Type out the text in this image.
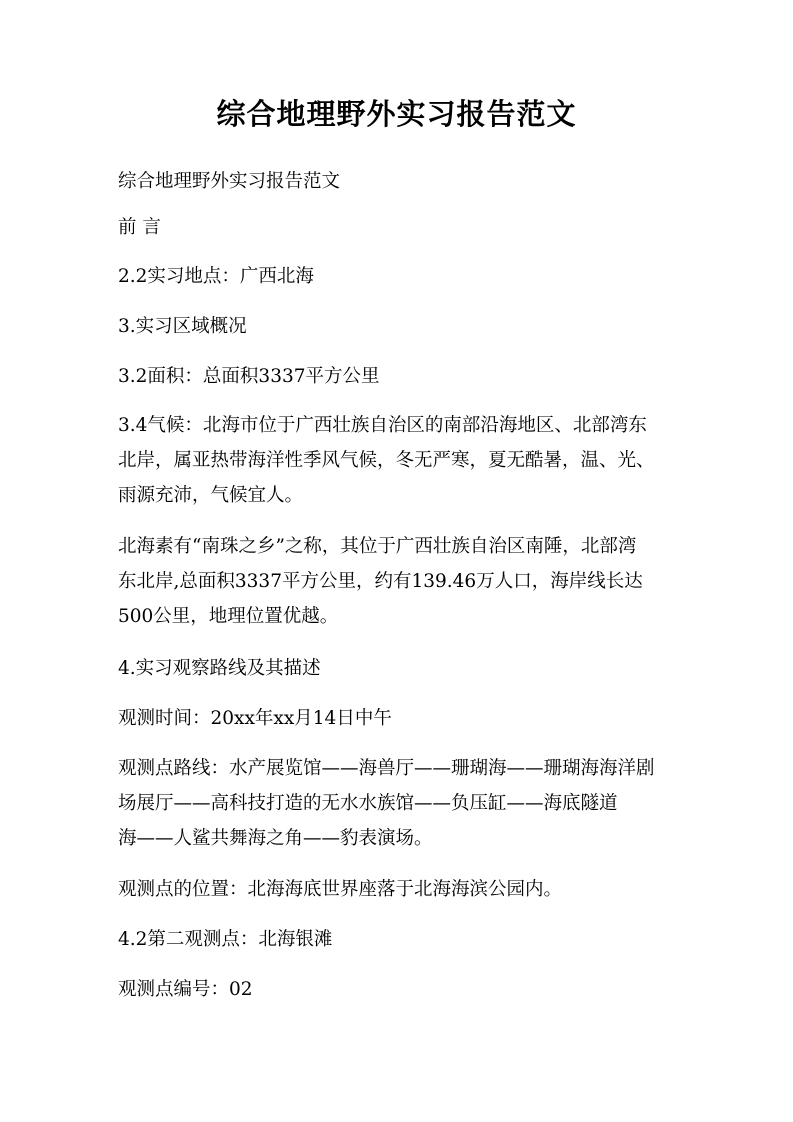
综合地理野外实习报告范文

综合地理野外实习报告范文

前 言

2.2实习地点：广西北海

3.实习区域概况

3.2面积：总面积3337平方公里

3.4气候：北海市位于广西壮族自治区的南部沿海地区、北部湾东
北岸，属亚热带海洋性季风气候，冬无严寒，夏无酷暑，温、光、
雨源充沛，气候宜人。

北海素有“南珠之乡”之称，其位于广西壮族自治区南陲，北部湾
东北岸,总面积3337平方公里，约有139.46万人口，海岸线长达
500公里，地理位置优越。

4.实习观察路线及其描述

观测时间：20xx年xx月14日中午

观测点路线：水产展览馆——海兽厅——珊瑚海——珊瑚海海洋剧
场展厅——高科技打造的无水水族馆——负压缸——海底隧道
海——人鲨共舞海之角——豹表演场。

观测点的位置：北海海底世界座落于北海海滨公园内。

4.2第二观测点：北海银滩

观测点编号：02
